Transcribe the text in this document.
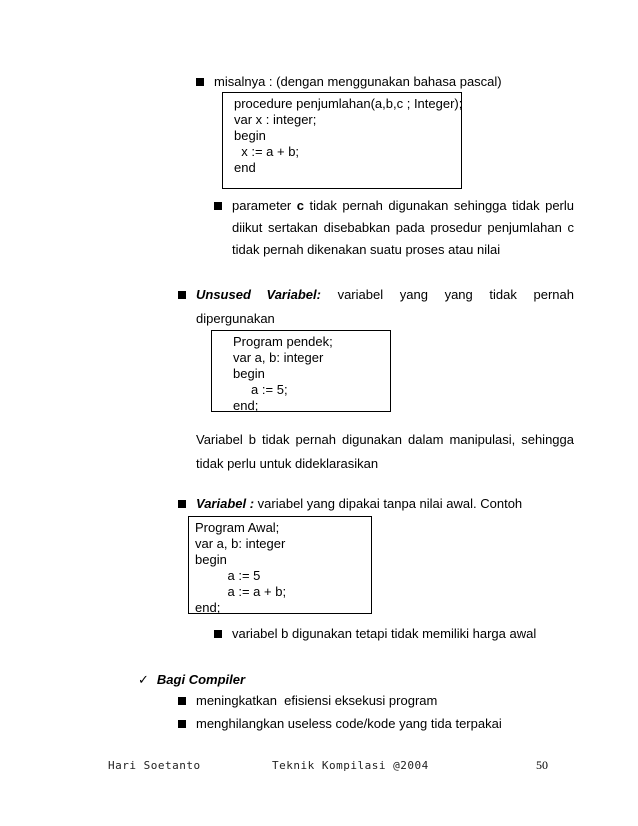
misalnya : (dengan menggunakan bahasa pascal)
procedure penjumlahan(a,b,c ; Integer);
var x : integer;
begin
x := a + b;
end
parameter c tidak pernah digunakan sehingga tidak perlu
diikut sertakan disebabkan pada prosedur penjumlahan c
tidak pernah dikenakan suatu proses atau nilai
Unsused Variabel: variabel yang yang tidak pernah
dipergunakan
Program pendek;
var a, b: integer
begin
a := 5;
end;
Variabel b tidak pernah digunakan dalam manipulasi, sehingga
tidak perlu untuk dideklarasikan
Variabel : variabel yang dipakai tanpa nilai awal. Contoh
Program Awal;
var a, b: integer
begin
a := 5
a := a + b;
end;
variabel b digunakan tetapi tidak memiliki harga awal
✓ Bagi Compiler
meningkatkan  efisiensi eksekusi program
menghilangkan useless code/kode yang tida terpakai
Hari Soetanto	Teknik Kompilasi @2004	50
